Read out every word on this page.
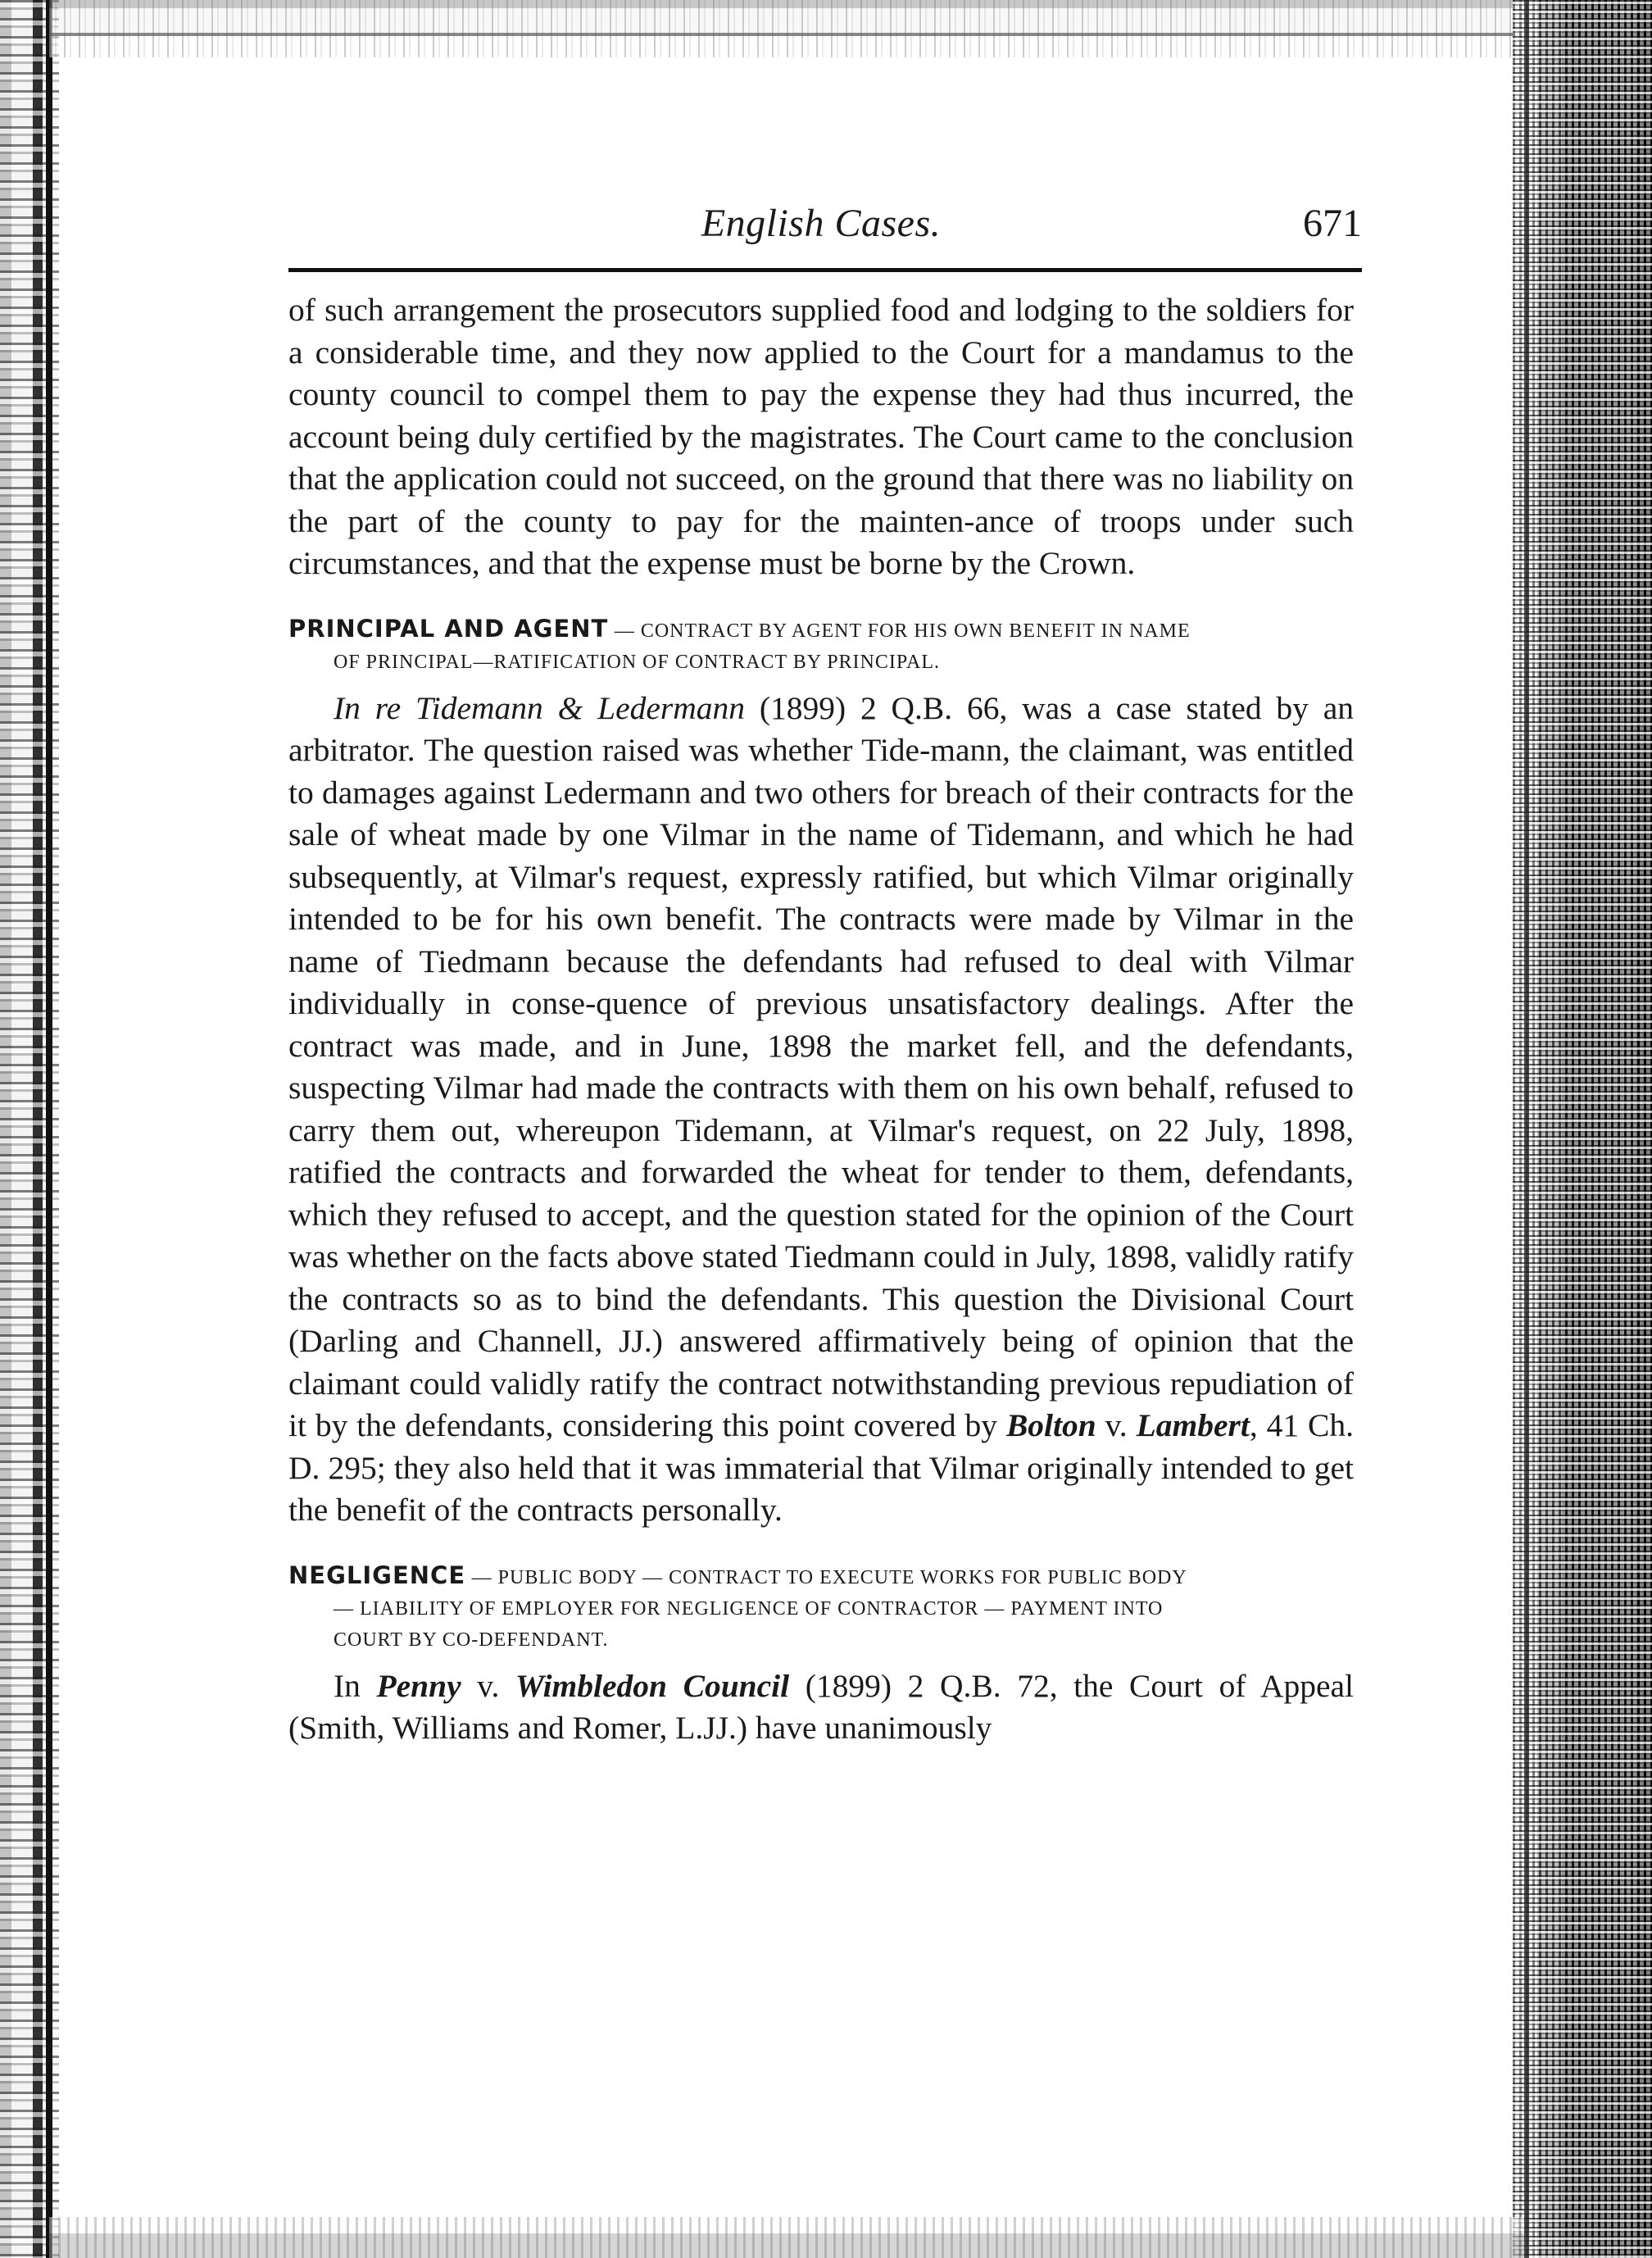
English Cases.	671

of such arrangement the prosecutors supplied food and lodging to the soldiers for a considerable time, and they now applied to the Court for a mandamus to the county council to compel them to pay the expense they had thus incurred, the account being duly certified by the magistrates. The Court came to the conclusion that the application could not succeed, on the ground that there was no liability on the part of the county to pay for the mainten-ance of troops under such circumstances, and that the expense must be borne by the Crown.

PRINCIPAL AND AGENT — CONTRACT BY AGENT FOR HIS OWN BENEFIT IN NAME
OF PRINCIPAL—RATIFICATION OF CONTRACT BY PRINCIPAL.

In re Tidemann & Ledermann (1899) 2 Q.B. 66, was a case stated by an arbitrator. The question raised was whether Tide-mann, the claimant, was entitled to damages against Ledermann and two others for breach of their contracts for the sale of wheat made by one Vilmar in the name of Tidemann, and which he had subsequently, at Vilmar's request, expressly ratified, but which Vilmar originally intended to be for his own benefit. The contracts were made by Vilmar in the name of Tiedmann because the defendants had refused to deal with Vilmar individually in conse-quence of previous unsatisfactory dealings. After the contract was made, and in June, 1898 the market fell, and the defendants, suspecting Vilmar had made the contracts with them on his own behalf, refused to carry them out, whereupon Tidemann, at Vilmar's request, on 22 July, 1898, ratified the contracts and forwarded the wheat for tender to them, defendants, which they refused to accept, and the question stated for the opinion of the Court was whether on the facts above stated Tiedmann could in July, 1898, validly ratify the contracts so as to bind the defendants. This question the Divisional Court (Darling and Channell, JJ.) answered affirmatively being of opinion that the claimant could validly ratify the contract notwithstanding previous repudiation of it by the defendants, considering this point covered by Bolton v. Lambert, 41 Ch. D. 295; they also held that it was immaterial that Vilmar originally intended to get the benefit of the contracts personally.

NEGLIGENCE — PUBLIC BODY — CONTRACT TO EXECUTE WORKS FOR PUBLIC BODY
— LIABILITY OF EMPLOYER FOR NEGLIGENCE OF CONTRACTOR — PAYMENT INTO
COURT BY CO-DEFENDANT.

In Penny v. Wimbledon Council (1899) 2 Q.B. 72, the Court of Appeal (Smith, Williams and Romer, L.JJ.) have unanimously
